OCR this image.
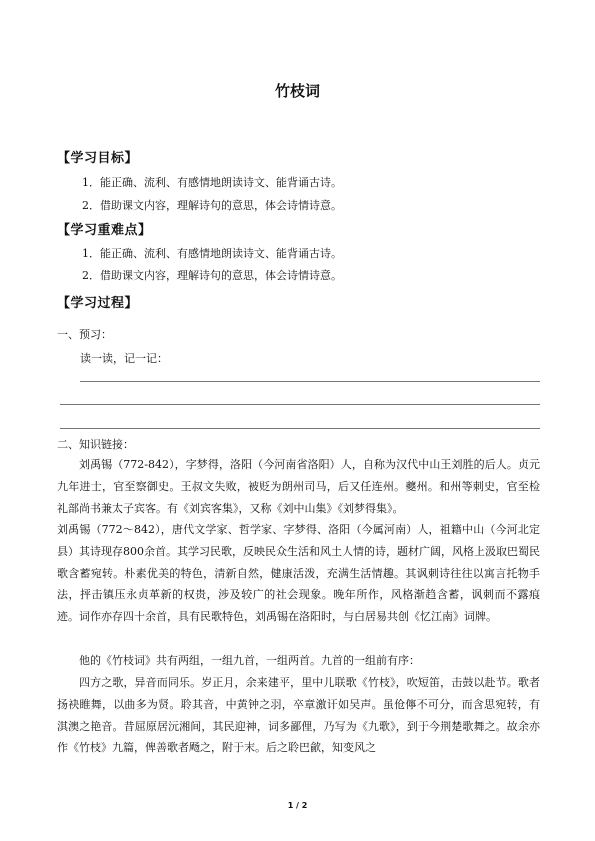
竹枝词
【学习目标】
1．能正确、流利、有感情地朗读诗文、能背诵古诗。
2．借助课文内容，理解诗句的意思，体会诗情诗意。
【学习重难点】
1．能正确、流利、有感情地朗读诗文、能背诵古诗。
2．借助课文内容，理解诗句的意思，体会诗情诗意。
【学习过程】
一、预习：
读一读，记一记：
二、知识链接：
刘禹锡（772-842），字梦得，洛阳（今河南省洛阳）人，自称为汉代中山王刘胜的后人。贞元九年进士，官至察御史。王叔文失败，被贬为朗州司马，后又任连州。夔州。和州等刺史，官至检礼部尚书兼太子宾客。有《刘宾客集》，又称《刘中山集》《刘梦得集》。
刘禹锡（772～842），唐代文学家、哲学家、字梦得、洛阳（今属河南）人，祖籍中山（今河北定县）其诗现存800余首。其学习民歌，反映民众生活和风土人情的诗，题材广阔，风格上汲取巴蜀民歌含蓄宛转。朴素优美的特色，清新自然，健康活泼，充满生活情趣。其讽刺诗往往以寓言托物手法，抨击镇压永贞革新的权贵，涉及较广的社会现象。晚年所作，风格渐趋含蓄，讽刺而不露痕迹。词作亦存四十余首，具有民歌特色，刘禹锡在洛阳时，与白居易共创《忆江南》词牌。
他的《竹枝词》共有两组，一组九首，一组两首。九首的一组前有序：
四方之歌，异音而同乐。岁正月，余来建平，里中儿联歌《竹枝》，吹短笛，击鼓以赴节。歌者扬袂睢舞，以曲多为贤。聆其音，中黄钟之羽，卒章激讦如吴声。虽伧儜不可分，而含思宛转，有淇澳之艳音。昔屈原居沅湘间，其民迎神，词多鄙俚，乃写为《九歌》，到于今荆楚歌舞之。故余亦作《竹枝》九篇，俾善歌者飏之，附于末。后之聆巴歈，知变风之
1 / 2
